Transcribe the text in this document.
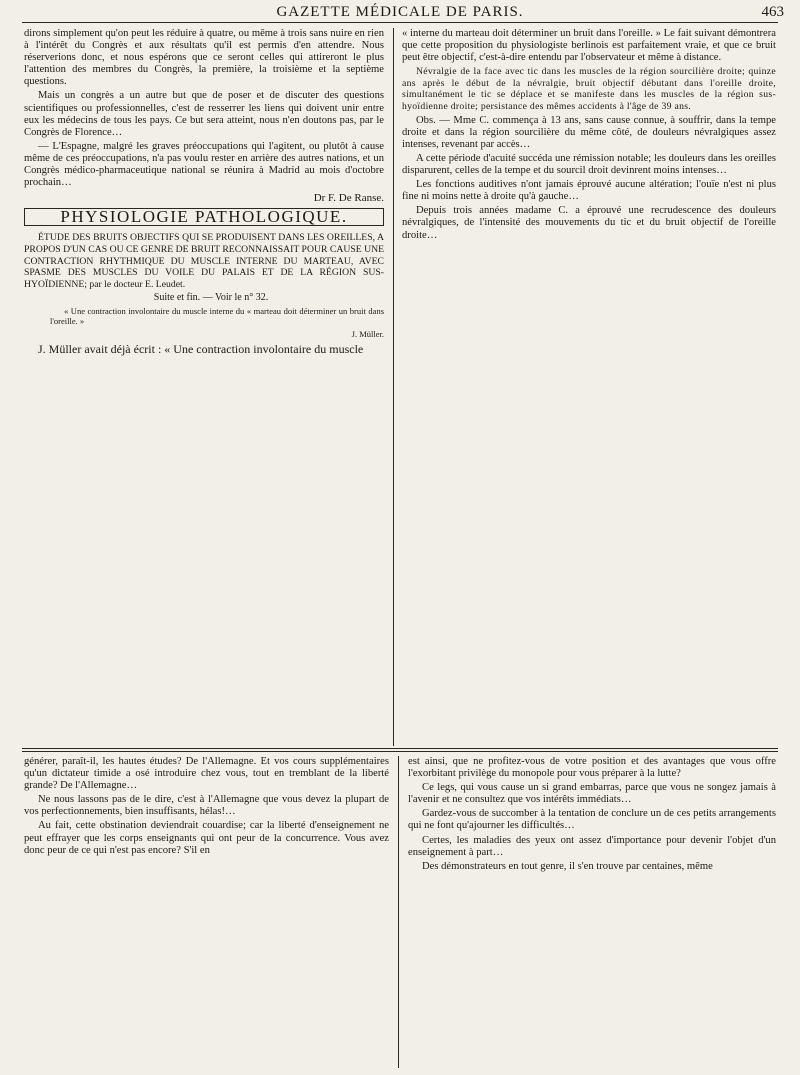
GAZETTE MÉDICALE DE PARIS.	463

dirons simplement qu'on peut les réduire à quatre, ou même à trois sans nuire en rien à l'intérêt du Congrès et aux résultats qu'il est permis d'en attendre. Nous réserverions donc, et nous espérons que ce seront celles qui attireront le plus l'attention des membres du Congrès, la première, la troisième et la septième questions.

Mais un congrès a un autre but que de poser et de discuter des questions scientifiques ou professionnelles, c'est de resserrer les liens qui doivent unir entre eux les médecins de tous les pays. Ce but sera atteint, nous n'en doutons pas, par le Congrès de Florence…

— L'Espagne, malgré les graves préoccupations qui l'agitent, ou plutôt à cause même de ces préoccupations, n'a pas voulu rester en arrière des autres nations, et un Congrès médico-pharmaceutique national se réunira à Madrid au mois d'octobre prochain…

Dr F. De Ranse.
PHYSIOLOGIE PATHOLOGIQUE.

ÉTUDE DES BRUITS OBJECTIFS QUI SE PRODUISENT DANS LES OREILLES, A PROPOS D'UN CAS OU CE GENRE DE BRUIT RECONNAISSAIT POUR CAUSE UNE CONTRACTION RHYTHMIQUE DU MUSCLE INTERNE DU MARTEAU, AVEC SPASME DES MUSCLES DU VOILE DU PALAIS ET DE LA RÉGION SUS-HYOÏDIENNE; par le docteur E. Leudet.

Suite et fin. — Voir le n° 32.

« Une contraction involontaire du muscle interne du « marteau doit déterminer un bruit dans l'oreille. »

J. Müller.

J. Müller avait déjà écrit : « Une contraction involontaire du muscle

« interne du marteau doit déterminer un bruit dans l'oreille. » Le fait suivant démontrera que cette proposition du physiologiste berlinois est parfaitement vraie, et que ce bruit peut être objectif, c'est-à-dire entendu par l'observateur et même à distance.

Névralgie de la face avec tic dans les muscles de la région sourcilière droite; quinze ans après le début de la névralgie, bruit objectif débutant dans l'oreille droite, simultanément le tic se déplace et se manifeste dans les muscles de la région sus-hyoïdienne droite; persistance des mêmes accidents à l'âge de 39 ans.

Obs. — Mme C. commença à 13 ans, sans cause connue, à souffrir, dans la tempe droite et dans la région sourcilière du même côté, de douleurs névralgiques assez intenses, revenant par accès…

A cette période d'acuité succéda une rémission notable; les douleurs dans les oreilles disparurent, celles de la tempe et du sourcil droit devinrent moins intenses…

Les fonctions auditives n'ont jamais éprouvé aucune altération; l'ouïe n'est ni plus fine ni moins nette à droite qu'à gauche…

Depuis trois années madame C. a éprouvé une recrudescence des douleurs névralgiques, de l'intensité des mouvements du tic et du bruit objectif de l'oreille droite…

générer, paraît-il, les hautes études? De l'Allemagne. Et vos cours supplémentaires qu'un dictateur timide a osé introduire chez vous, tout en tremblant de la liberté grande? De l'Allemagne…

Ne nous lassons pas de le dire, c'est à l'Allemagne que vous devez la plupart de vos perfectionnements, bien insuffisants, hélas!…

Au fait, cette obstination deviendrait couardise; car la liberté d'enseignement ne peut effrayer que les corps enseignants qui ont peur de la concurrence. Vous avez donc peur de ce qui n'est pas encore? S'il en

est ainsi, que ne profitez-vous de votre position et des avantages que vous offre l'exorbitant privilège du monopole pour vous préparer à la lutte?

Ce legs, qui vous cause un si grand embarras, parce que vous ne songez jamais à l'avenir et ne consultez que vos intérêts immédiats…

Gardez-vous de succomber à la tentation de conclure un de ces petits arrangements qui ne font qu'ajourner les difficultés…

Certes, les maladies des yeux ont assez d'importance pour devenir l'objet d'un enseignement à part…

Des démonstrateurs en tout genre, il s'en trouve par centaines, même
